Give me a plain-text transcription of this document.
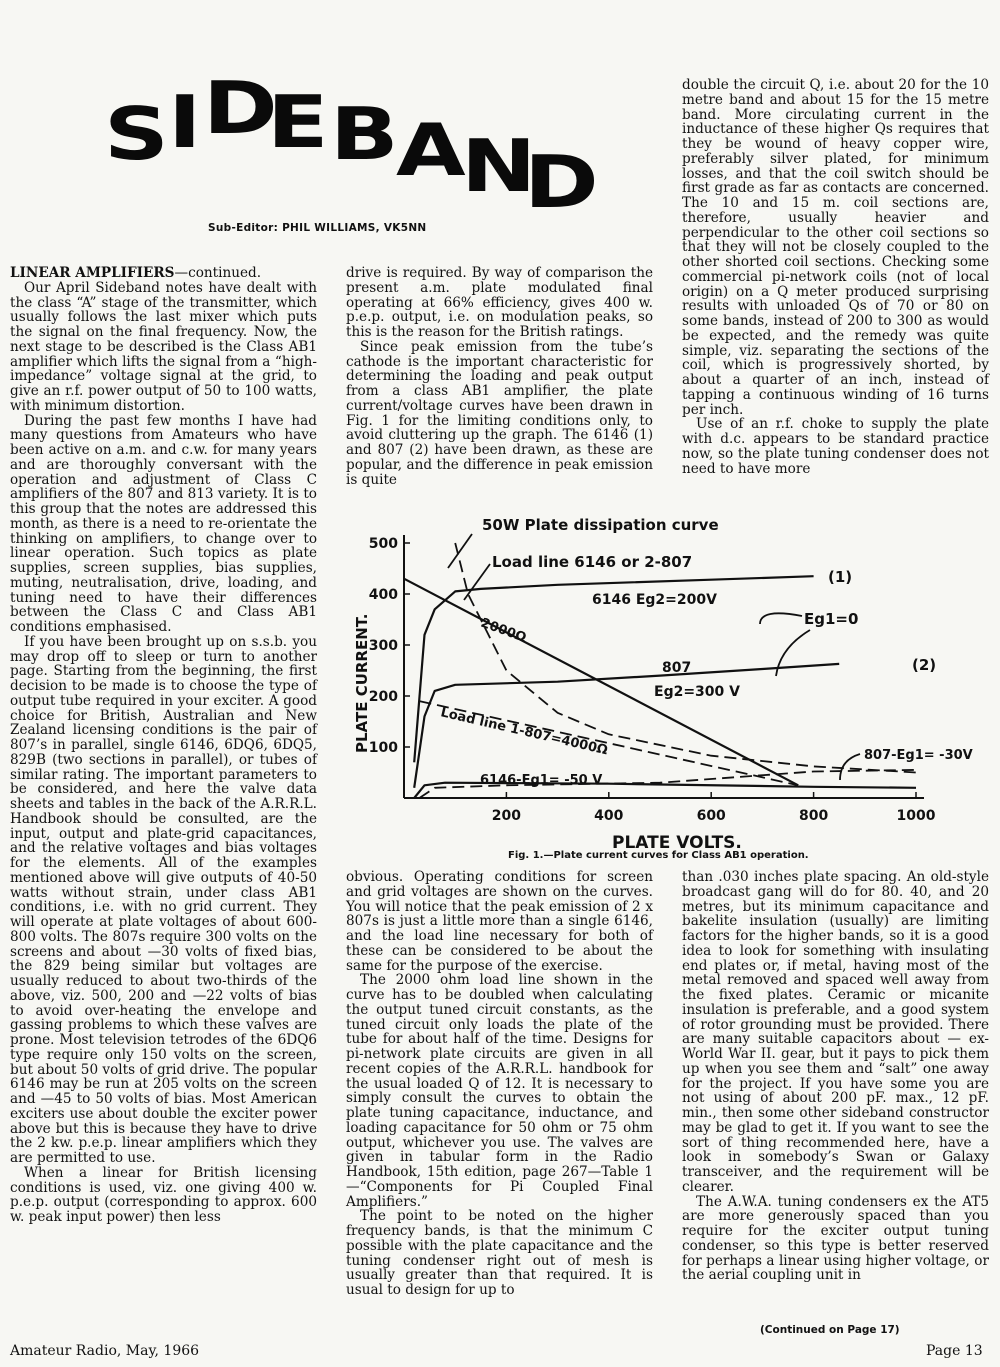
S I D
E B
A
N
D
Sub-Editor: PHIL WILLIAMS, VK5NN

LINEAR AMPLIFIERS—continued.

Our April Sideband notes have dealt with the class “A” stage of the transmitter, which usually follows the last mixer which puts the signal on the final frequency. Now, the next stage to be described is the Class AB1 amplifier which lifts the signal from a “high-impedance” voltage signal at the grid, to give an r.f. power output of 50 to 100 watts, with minimum distortion.

During the past few months I have had many questions from Amateurs who have been active on a.m. and c.w. for many years and are thoroughly conversant with the operation and adjustment of Class C amplifiers of the 807 and 813 variety. It is to this group that the notes are addressed this month, as there is a need to re-orientate the thinking on amplifiers, to change over to linear operation. Such topics as plate supplies, screen supplies, bias supplies, muting, neutralisation, drive, loading, and tuning need to have their differences between the Class C and Class AB1 conditions emphasised.

If you have been brought up on s.s.b. you may drop off to sleep or turn to another page. Starting from the beginning, the first decision to be made is to choose the type of output tube required in your exciter. A good choice for British, Australian and New Zealand licensing conditions is the pair of 807’s in parallel, single 6146, 6DQ6, 6DQ5, 829B (two sections in parallel), or tubes of similar rating. The important parameters to be considered, and here the valve data sheets and tables in the back of the A.R.R.L. Handbook should be consulted, are the input, output and plate-grid capacitances, and the relative voltages and bias voltages for the elements. All of the examples mentioned above will give outputs of 40-50 watts without strain, under class AB1 conditions, i.e. with no grid current. They will operate at plate voltages of about 600-800 volts. The 807s require 300 volts on the screens and about —30 volts of fixed bias, the 829 being similar but voltages are usually reduced to about two-thirds of the above, viz. 500, 200 and —22 volts of bias to avoid over-heating the envelope and gassing problems to which these valves are prone. Most television tetrodes of the 6DQ6 type require only 150 volts on the screen, but about 50 volts of grid drive. The popular 6146 may be run at 205 volts on the screen and —45 to 50 volts of bias. Most American exciters use about double the exciter power above but this is because they have to drive the 2 kw. p.e.p. linear amplifiers which they are permitted to use.

When a linear for British licensing conditions is used, viz. one giving 400 w. p.e.p. output (corresponding to approx. 600 w. peak input power) then less

drive is required. By way of comparison the present a.m. plate modulated final operating at 66% efficiency, gives 400 w. p.e.p. output, i.e. on modulation peaks, so this is the reason for the British ratings.

Since peak emission from the tube’s cathode is the important characteristic for determining the loading and peak output from a class AB1 amplifier, the plate current/voltage curves have been drawn in Fig. 1 for the limiting conditions only, to avoid cluttering up the graph. The 6146 (1) and 807 (2) have been drawn, as these are popular, and the difference in peak emission is quite

double the circuit Q, i.e. about 20 for the 10 metre band and about 15 for the 15 metre band. More circulating current in the inductance of these higher Qs requires that they be wound of heavy copper wire, preferably silver plated, for minimum losses, and that the coil switch should be first grade as far as contacts are concerned. The 10 and 15 m. coil sections are, therefore, usually heavier and perpendicular to the other coil sections so that they will not be closely coupled to the other shorted coil sections. Checking some commercial pi-network coils (not of local origin) on a Q meter produced surprising results with unloaded Qs of 70 or 80 on some bands, instead of 200 to 300 as would be expected, and the remedy was quite simple, viz. separating the sections of the coil, which is progressively shorted, by about a quarter of an inch, instead of tapping a continuous winding of 16 turns per inch.

Use of an r.f. choke to supply the plate with d.c. appears to be standard practice now, so the plate tuning condenser does not need to have more

200	400	600	800	1000
100
200
300
400
500
50W Plate dissipation curve
Load line 6146 or 2-807
2000Ω
(1)
6146 Eg2=200V
Eg1=0
807	(2)
Eg2=300 V
Load line 1-807=4000Ω
6146-Eg1= -50 V
807-Eg1= -30V
PLATE CURRENT.
PLATE VOLTS.
Fig. 1.—Plate current curves for Class AB1 operation.

obvious. Operating conditions for screen and grid voltages are shown on the curves. You will notice that the peak emission of 2 x 807s is just a little more than a single 6146, and the load line necessary for both of these can be considered to be about the same for the purpose of the exercise.

The 2000 ohm load line shown in the curve has to be doubled when calculating the output tuned circuit constants, as the tuned circuit only loads the plate of the tube for about half of the time. Designs for pi-network plate circuits are given in all recent copies of the A.R.R.L. handbook for the usual loaded Q of 12. It is necessary to simply consult the curves to obtain the plate tuning capacitance, inductance, and loading capacitance for 50 ohm or 75 ohm output, whichever you use. The valves are given in tabular form in the Radio Handbook, 15th edition, page 267—Table 1—“Components for Pi Coupled Final Amplifiers.”

The point to be noted on the higher frequency bands, is that the minimum C possible with the plate capacitance and the tuning condenser right out of mesh is usually greater than that required. It is usual to design for up to

than .030 inches plate spacing. An old-style broadcast gang will do for 80. 40, and 20 metres, but its minimum capacitance and bakelite insulation (usually) are limiting factors for the higher bands, so it is a good idea to look for something with insulating end plates or, if metal, having most of the metal removed and spaced well away from the fixed plates. Ceramic or micanite insulation is preferable, and a good system of rotor grounding must be provided. There are many suitable capacitors about — ex-World War II. gear, but it pays to pick them up when you see them and “salt” one away for the project. If you have some you are not using of about 200 pF. max., 12 pF. min., then some other sideband constructor may be glad to get it. If you want to see the sort of thing recommended here, have a look in somebody’s Swan or Galaxy transceiver, and the requirement will be clearer.

The A.W.A. tuning condensers ex the AT5 are more generously spaced than you require for the exciter output tuning condenser, so this type is better reserved for perhaps a linear using higher voltage, or the aerial coupling unit in

(Continued on Page 17)
Amateur Radio, May, 1966	Page 13
